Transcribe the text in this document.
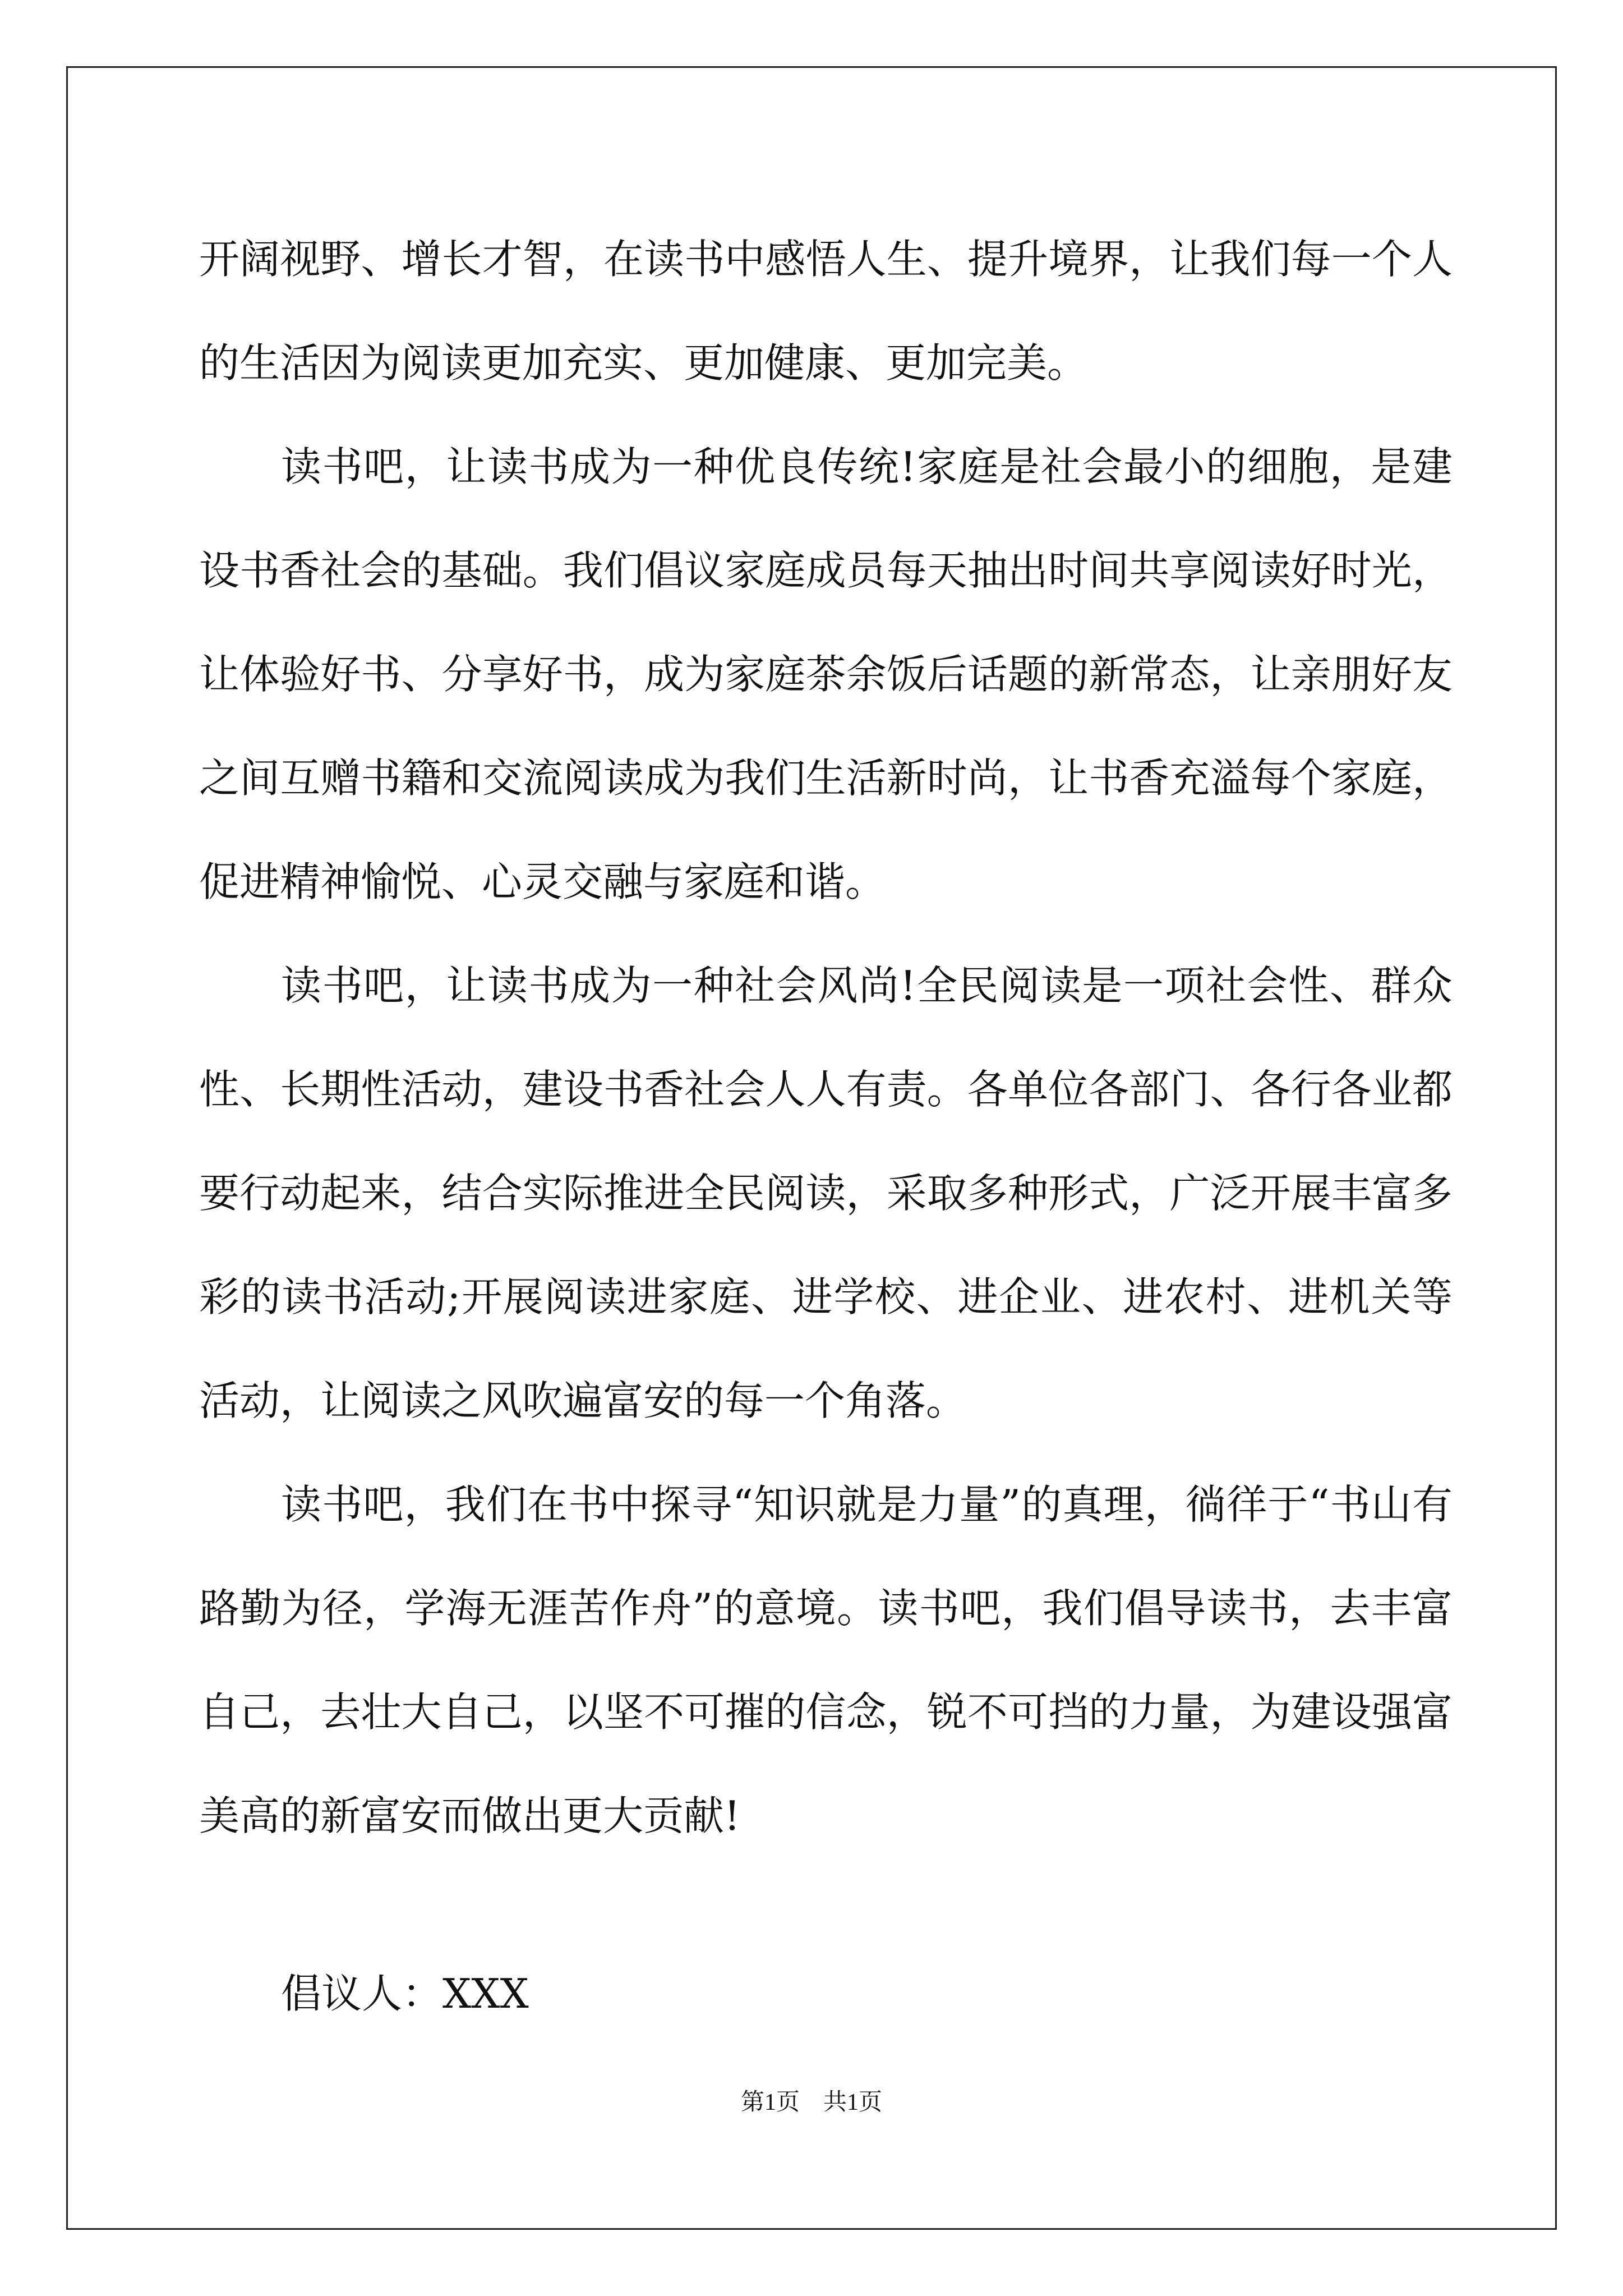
开阔视野、增长才智，在读书中感悟人生、提升境界，让我们每一个人的生活因为阅读更加充实、更加健康、更加完美。

读书吧，让读书成为一种优良传统!家庭是社会最小的细胞，是建设书香社会的基础。我们倡议家庭成员每天抽出时间共享阅读好时光，让体验好书、分享好书，成为家庭茶余饭后话题的新常态，让亲朋好友之间互赠书籍和交流阅读成为我们生活新时尚，让书香充溢每个家庭，促进精神愉悦、心灵交融与家庭和谐。

读书吧，让读书成为一种社会风尚!全民阅读是一项社会性、群众性、长期性活动，建设书香社会人人有责。各单位各部门、各行各业都要行动起来，结合实际推进全民阅读，采取多种形式，广泛开展丰富多彩的读书活动;开展阅读进家庭、进学校、进企业、进农村、进机关等活动，让阅读之风吹遍富安的每一个角落。

读书吧，我们在书中探寻“知识就是力量”的真理，徜徉于“书山有路勤为径，学海无涯苦作舟”的意境。读书吧，我们倡导读书，去丰富自己，去壮大自己，以坚不可摧的信念，锐不可挡的力量，为建设强富美高的新富安而做出更大贡献!

倡议人：XXX
第1页　共1页
